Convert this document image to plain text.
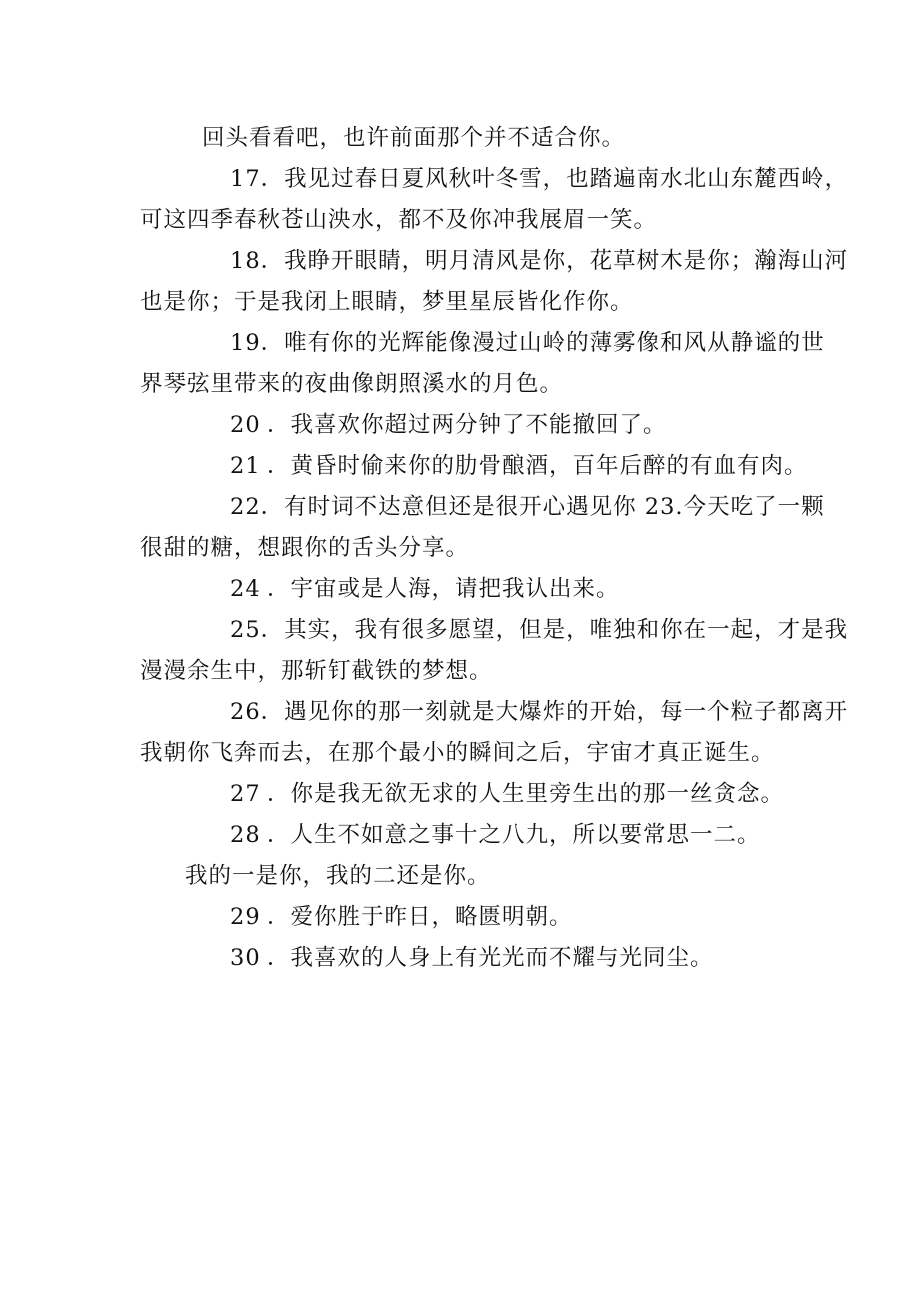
回头看看吧，也许前面那个并不适合你。

17．我见过春日夏风秋叶冬雪，也踏遍南水北山东麓西岭，
可这四季春秋苍山泱水，都不及你冲我展眉一笑。

18．我睁开眼睛，明月清风是你，花草树木是你；瀚海山河
也是你；于是我闭上眼睛，梦里星辰皆化作你。

19．唯有你的光辉能像漫过山岭的薄雾像和风从静谧的世
界琴弦里带来的夜曲像朗照溪水的月色。

20 ．我喜欢你超过两分钟了不能撤回了。

21 ．黄昏时偷来你的肋骨酿酒，百年后醉的有血有肉。

22．有时词不达意但还是很开心遇见你 23.今天吃了一颗
很甜的糖，想跟你的舌头分享。

24 ．宇宙或是人海，请把我认出来。

25．其实，我有很多愿望，但是，唯独和你在一起，才是我
漫漫余生中，那斩钉截铁的梦想。

26．遇见你的那一刻就是大爆炸的开始，每一个粒子都离开
我朝你飞奔而去，在那个最小的瞬间之后，宇宙才真正诞生。

27 ．你是我无欲无求的人生里旁生出的那一丝贪念。

28 ．人生不如意之事十之八九，所以要常思一二。

我的一是你，我的二还是你。

29 ．爱你胜于昨日，略匮明朝。

30 ．我喜欢的人身上有光光而不耀与光同尘。
